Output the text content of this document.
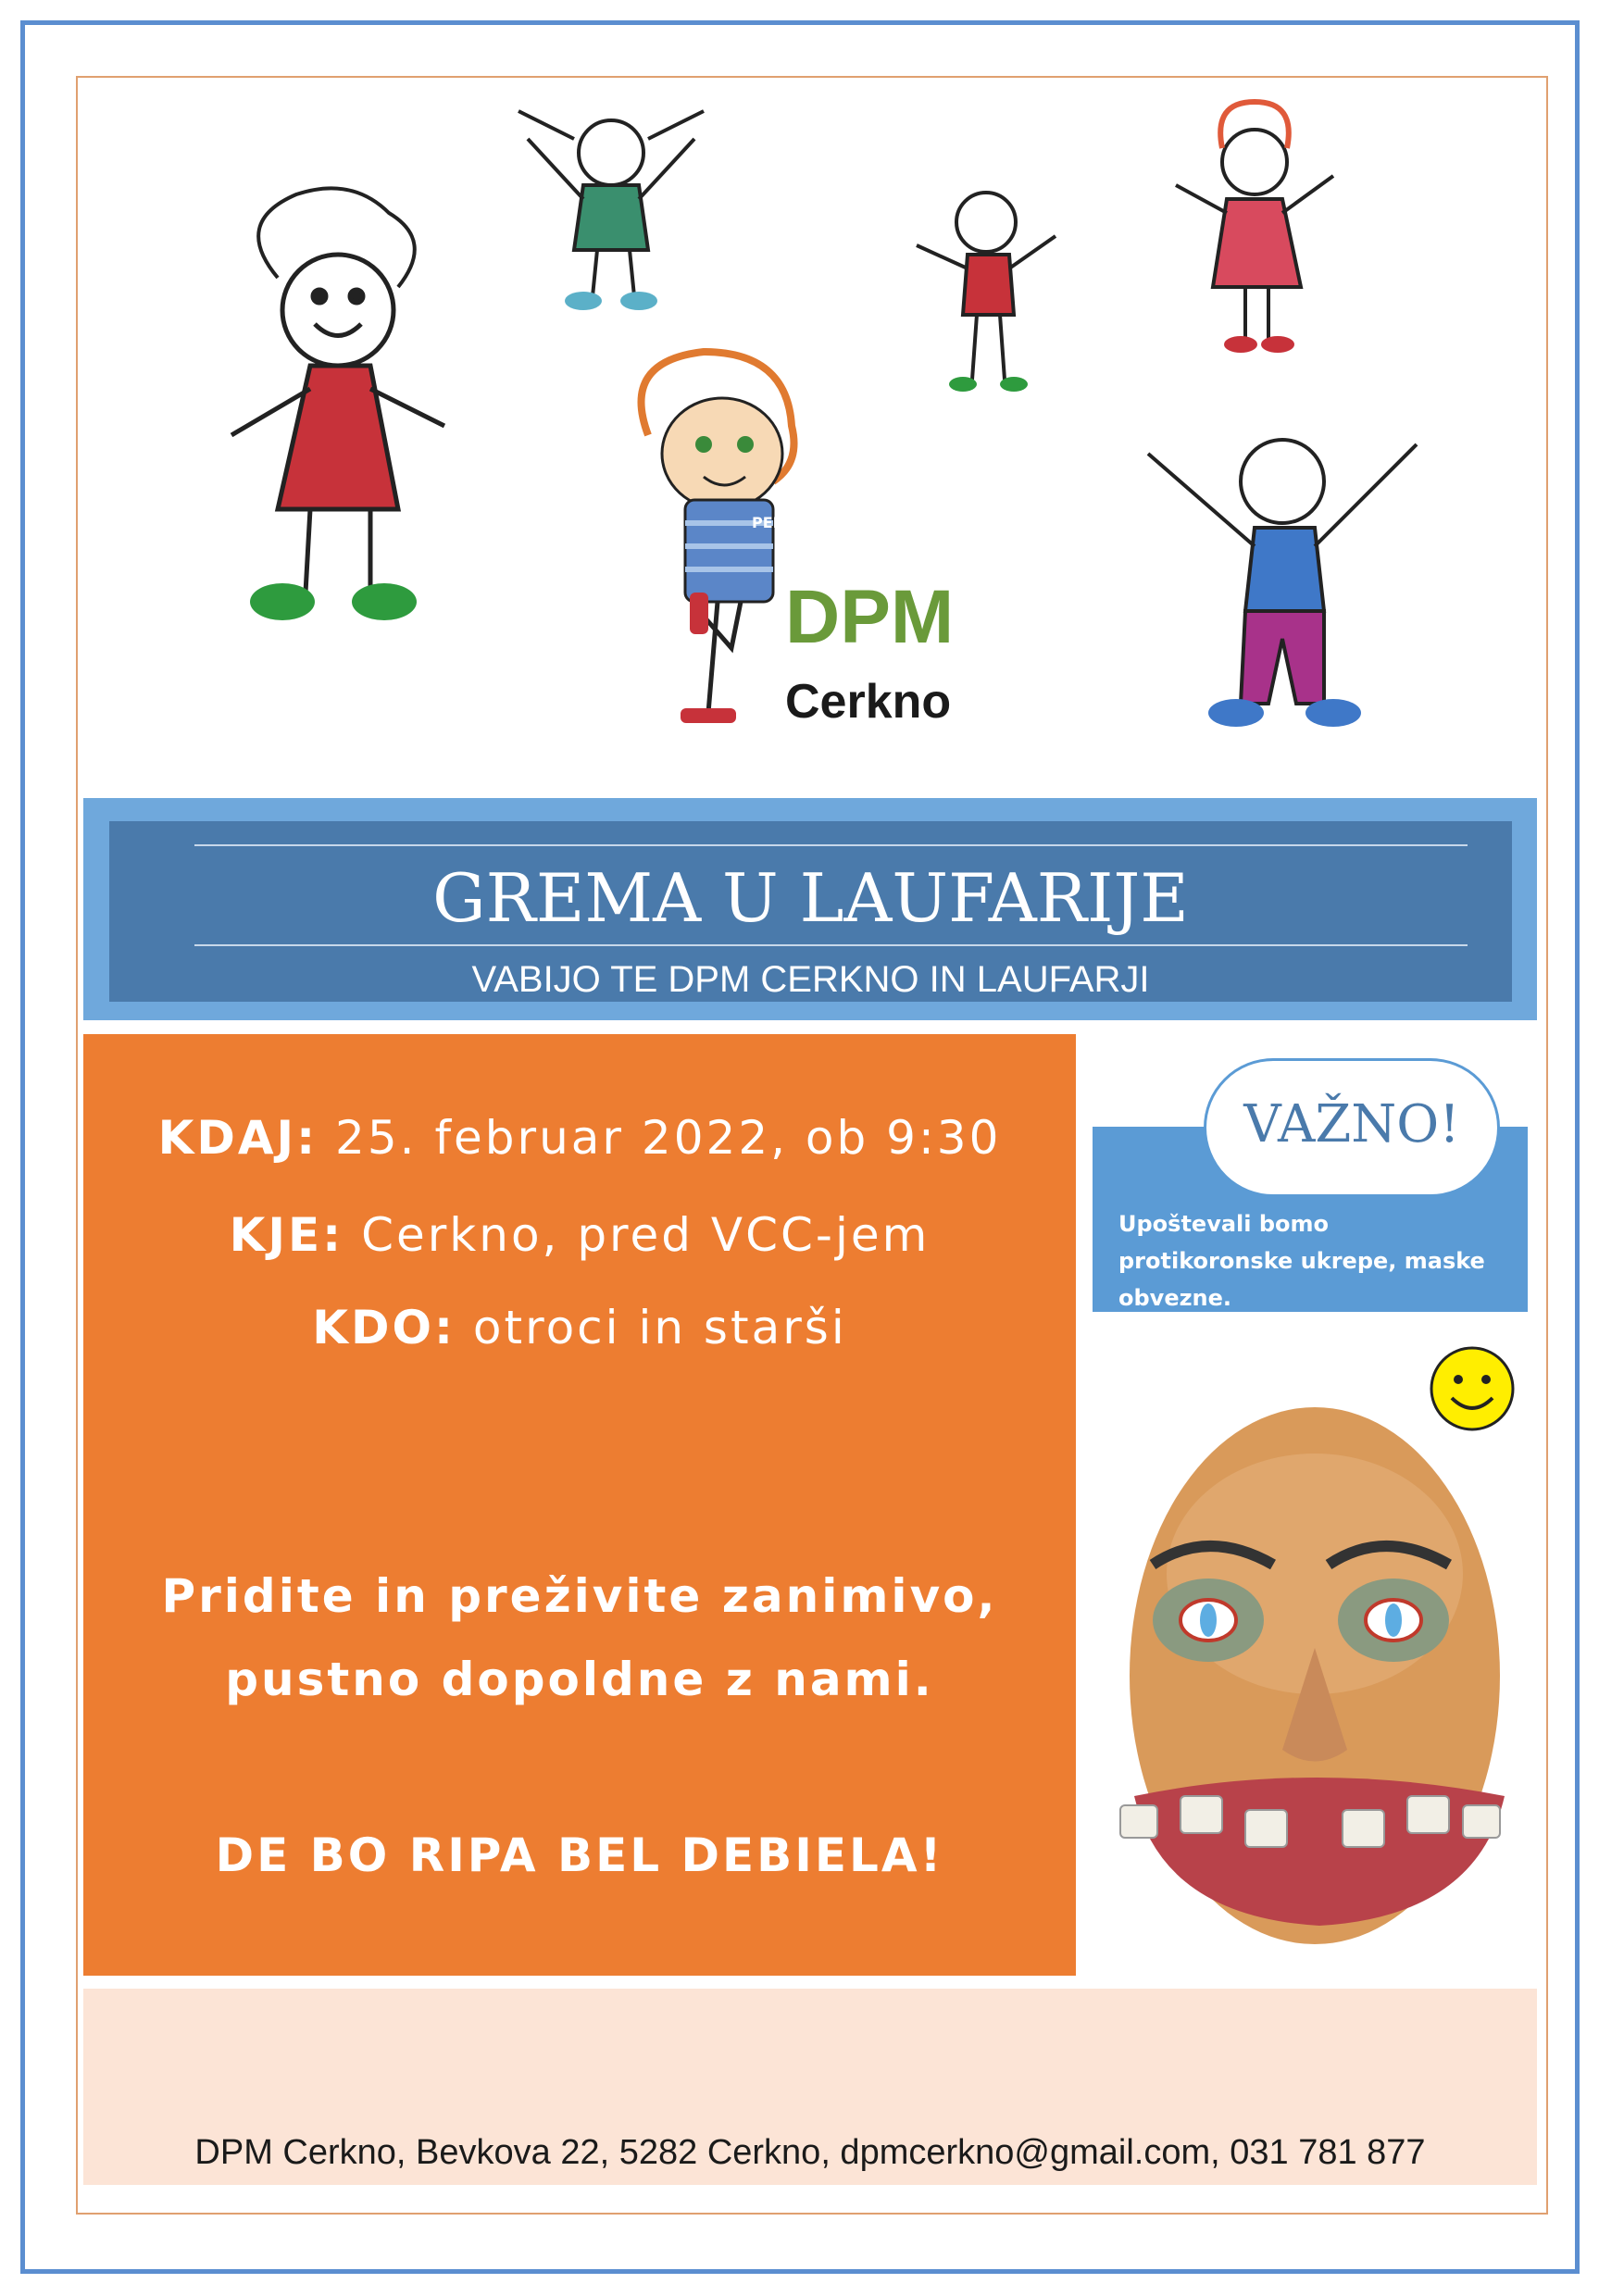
PEPI
DPM
Cerkno
GREMA U LAUFARIJE
VABIJO TE DPM CERKNO IN LAUFARJI
KDAJ: 25. februar 2022, ob 9:30
KJE: Cerkno, pred VCC-jem
KDO: otroci in starši
Pridite in preživite zanimivo,
pustno dopoldne z nami.
DE BO RIPA BEL DEBIELA!
VAŽNO!
Upoštevali bomo protikoronske ukrepe, maske obvezne.
DPM Cerkno, Bevkova 22, 5282 Cerkno, dpmcerkno@gmail.com, 031 781 877
